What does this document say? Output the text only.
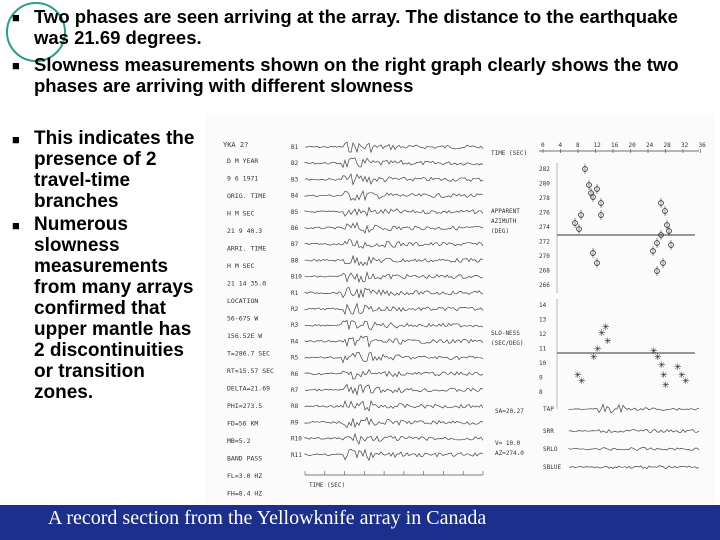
■ Two phases are seen arriving at the array. The distance to the earthquake was 21.69 degrees.
■ Slowness measurements shown on the right graph clearly shows the two phases are arriving with different slowness
■ This indicates the presence of 2 travel-time branches
■ Numerous slowness measurements from many arrays confirmed that upper mantle has 2 discontinuities or transition zones.
YKA 2?
D M YEAR
9 6 1971
ORIG. TIME
H M SEC
21 9 40.3
ARRI. TIME
H M SEC
21 14 35.0
LOCATION
56-67S W
156.52E W
T=286.7 SEC
RT=15.57 SEC
DELTA=21.69
PHI=273.5
FD=56 KM
MB=5.2
BAND PASS
FL=3.0 HZ
FH=8.4 HZ
B1
B2
B3
B4
B5
B6
B7
B8
B10
R1
R2
R3
R4
R5
R6
R7
R8
R9
R10
R11
TIME (SEC)
TIME (SEC)
0 4 8 12 16 20 24 28 32 36
APPARENT
AZIMUTH
(DEG)
282
280
278
276
274
272
270
268
266
SLO-NESS
(SEC/DEG)
14
13
12
11
10
9
8
✳
✳
✳
✳
✳
✳
✳
✳
✳
✳
✳
✳
✳
✳
✳
TAP
SRR
SRLO
SBLUE
SA=20.27
V= 10.0
AZ=274.0
A record section from the Yellowknife array in Canada
